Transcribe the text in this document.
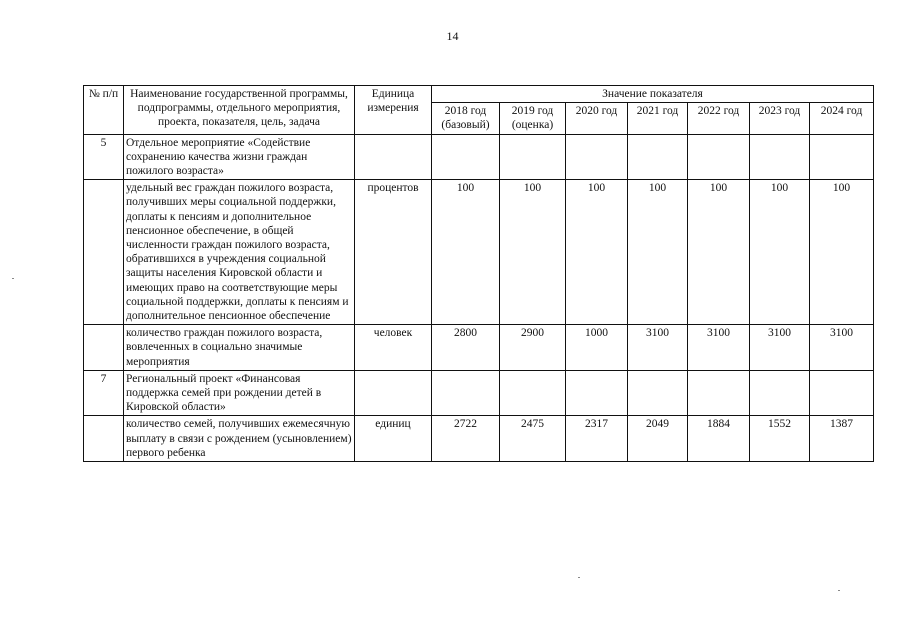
14
№ п/п	Наименование государственной программы, подпрограммы, отдельного мероприятия, проекта, показателя, цель, задача	Единица измерения	Значение показателя						
			2018 год (базовый)	2019 год (оценка)	2020 год	2021 год	2022 год	2023 год	2024 год
5	Отдельное мероприятие «Содействие сохранению качества жизни граждан пожилого возраста»								
	удельный вес граждан пожилого возраста, получивших меры социальной поддержки, доплаты к пенсиям и дополнительное пенсионное обеспечение, в общей численности граждан пожилого возраста, обратившихся в учреждения социальной защиты населения Кировской области и имеющих право на соответствующие меры социальной поддержки, доплаты к пенсиям и дополнительное пенсионное обеспечение	процентов	100	100	100	100	100	100	100
	количество граждан пожилого возраста, вовлеченных в социально значимые мероприятия	человек	2800	2900	1000	3100	3100	3100	3100
7	Региональный проект «Финансовая поддержка семей при рождении детей в Кировской области»								
	количество семей, получивших ежемесячную выплату в связи с рождением (усыновлением) первого ребенка	единиц	2722	2475	2317	2049	1884	1552	1387
